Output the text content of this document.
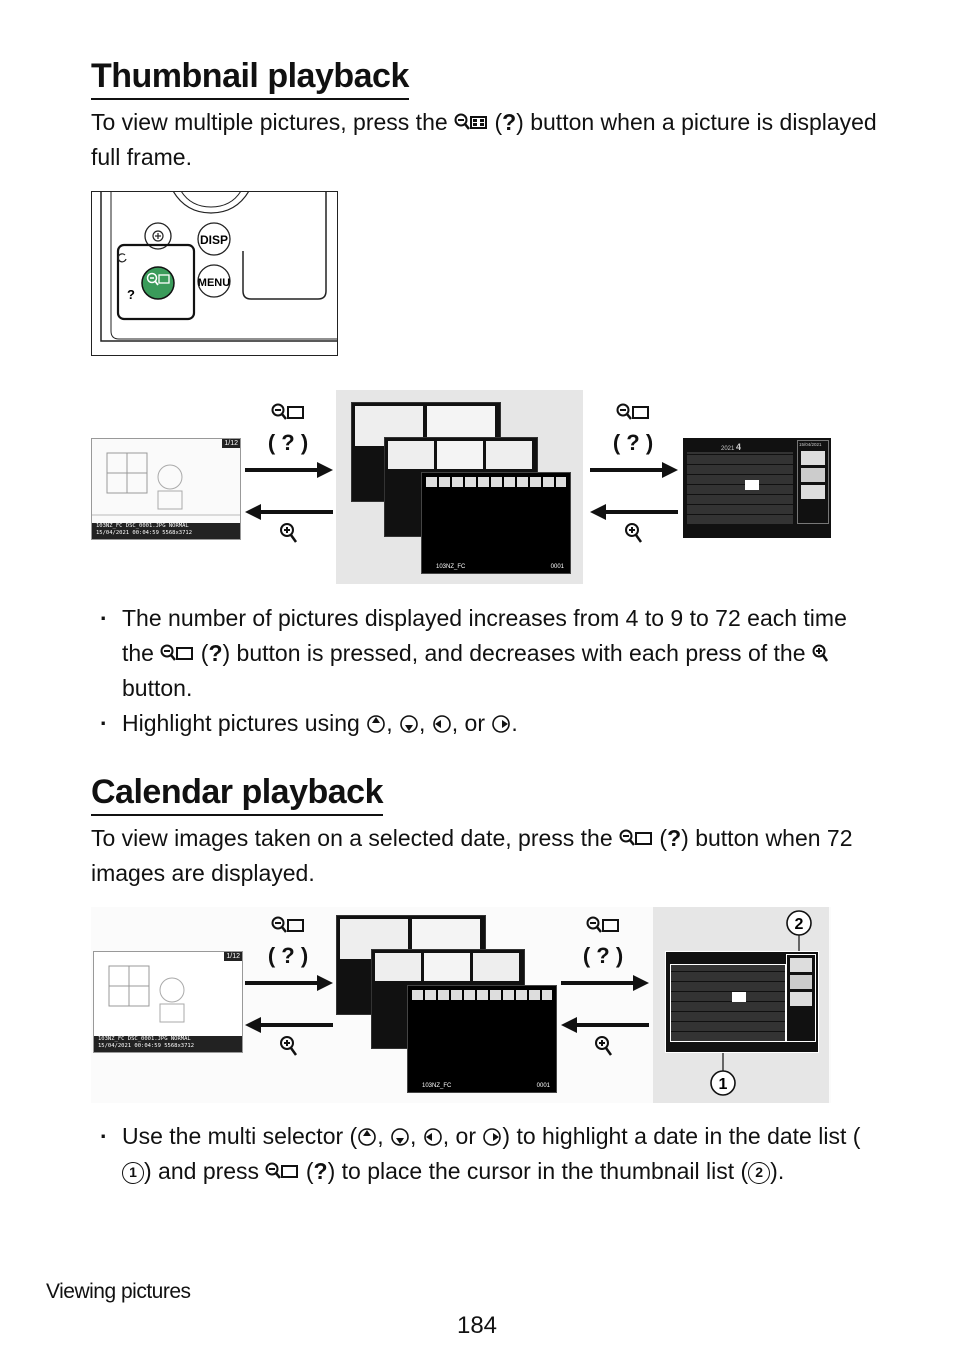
Thumbnail playback
To view multiple pictures, press the (?) button when a picture is displayed full frame.
DISP
MENU
?
1/12
103NZ_FC DSC_0001.JPG NORMAL
15/04/2021 00:04:59 5568x3712
( ? )
103NZ_FC	0001
( ? )	2021 4	15/04/2021
· The number of pictures displayed increases from 4 to 9 to 72 each time the  (?) button is pressed, and decreases with each press of the  button.
· Highlight pictures using , , , or .
Calendar playback
To view images taken on a selected date, press the  (?) button when 72 images are displayed.
1/12
103NZ_FC DSC_0001.JPG NORMAL
15/04/2021 00:04:59 5568x3712
( ? )
103NZ_FC	0001
( ? )
2
1
· Use the multi selector ( , , , or ) to highlight a date in the date list (1 ) and press  (?) to place the cursor in the thumbnail list ( 2 ).
Viewing pictures
184
